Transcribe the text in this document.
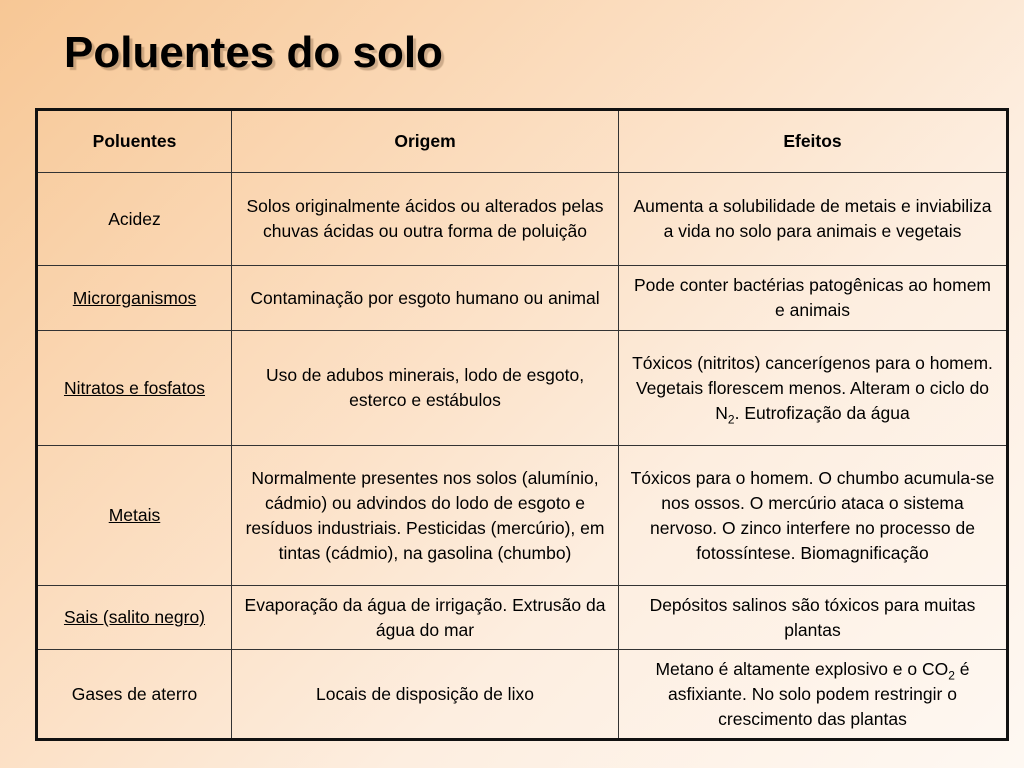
Poluentes do solo
Poluentes	Origem	Efeitos
Acidez	Solos originalmente ácidos ou alterados pelas chuvas ácidas ou outra forma de poluição	Aumenta a solubilidade de metais e inviabiliza a vida no solo para animais e vegetais
Microrganismos	Contaminação por esgoto humano ou animal	Pode conter bactérias patogênicas ao homem e animais
Nitratos e fosfatos	Uso de adubos minerais, lodo de esgoto, esterco e estábulos	Tóxicos (nitritos) cancerígenos para o homem. Vegetais florescem menos. Alteram o ciclo do $N_2$. Eutrofização da água
Metais	Normalmente presentes nos solos (alumínio, cádmio) ou advindos do lodo de esgoto e resíduos industriais. Pesticidas (mercúrio), em tintas (cádmio), na gasolina (chumbo)	Tóxicos para o homem. O chumbo acumula-se nos ossos. O mercúrio ataca o sistema nervoso. O zinco interfere no processo de fotossíntese. Biomagnificação
Sais (salito negro)	Evaporação da água de irrigação. Extrusão da água do mar	Depósitos salinos são tóxicos para muitas plantas
Gases de aterro	Locais de disposição de lixo	Metano é altamente explosivo e o $CO_2$ é asfixiante. No solo podem restringir o crescimento das plantas
